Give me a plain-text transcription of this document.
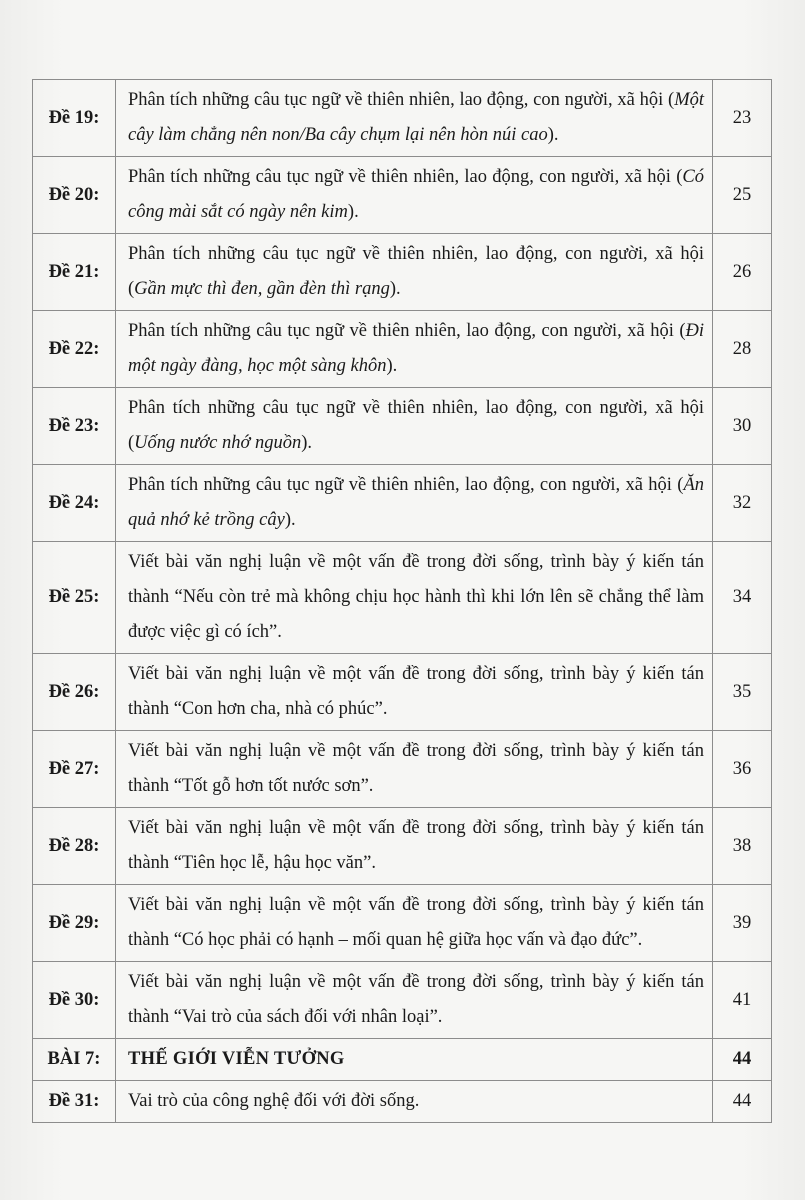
Đề 19:	Phân tích những câu tục ngữ về thiên nhiên, lao động, con người, xã hội (Một cây làm chẳng nên non/Ba cây chụm lại nên hòn núi cao).	23
Đề 20:	Phân tích những câu tục ngữ về thiên nhiên, lao động, con người, xã hội (Có công mài sắt có ngày nên kim).	25
Đề 21:	Phân tích những câu tục ngữ về thiên nhiên, lao động, con người, xã hội (Gần mực thì đen, gần đèn thì rạng).	26
Đề 22:	Phân tích những câu tục ngữ về thiên nhiên, lao động, con người, xã hội (Đi một ngày đàng, học một sàng khôn).	28
Đề 23:	Phân tích những câu tục ngữ về thiên nhiên, lao động, con người, xã hội (Uống nước nhớ nguồn).	30
Đề 24:	Phân tích những câu tục ngữ về thiên nhiên, lao động, con người, xã hội (Ăn quả nhớ kẻ trồng cây).	32
Đề 25:	Viết bài văn nghị luận về một vấn đề trong đời sống, trình bày ý kiến tán thành “Nếu còn trẻ mà không chịu học hành thì khi lớn lên sẽ chẳng thể làm được việc gì có ích”.	34
Đề 26:	Viết bài văn nghị luận về một vấn đề trong đời sống, trình bày ý kiến tán thành “Con hơn cha, nhà có phúc”.	35
Đề 27:	Viết bài văn nghị luận về một vấn đề trong đời sống, trình bày ý kiến tán thành “Tốt gỗ hơn tốt nước sơn”.	36
Đề 28:	Viết bài văn nghị luận về một vấn đề trong đời sống, trình bày ý kiến tán thành “Tiên học lễ, hậu học văn”.	38
Đề 29:	Viết bài văn nghị luận về một vấn đề trong đời sống, trình bày ý kiến tán thành “Có học phải có hạnh – mối quan hệ giữa học vấn và đạo đức”.	39
Đề 30:	Viết bài văn nghị luận về một vấn đề trong đời sống, trình bày ý kiến tán thành “Vai trò của sách đối với nhân loại”.	41
BÀI 7:	THẾ GIỚI VIỄN TƯỞNG	44
Đề 31:	Vai trò của công nghệ đối với đời sống.	44
